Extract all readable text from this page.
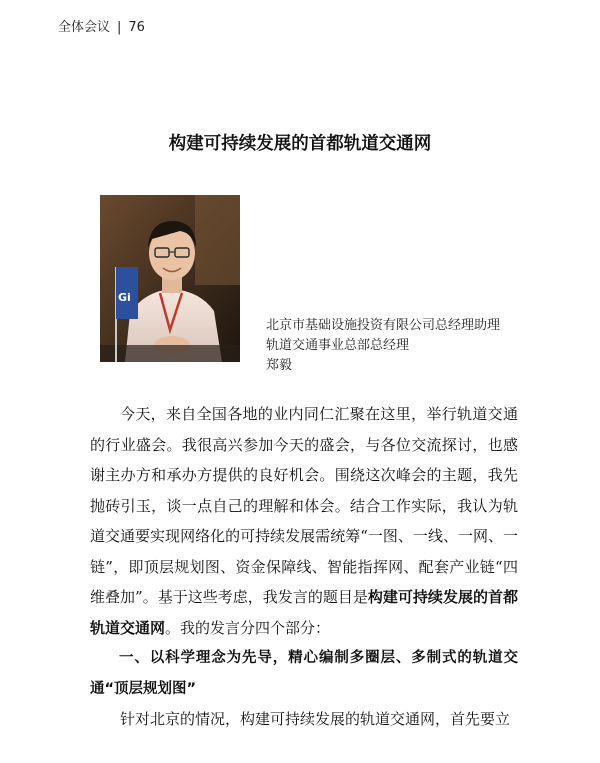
全体会议 | 76
构建可持续发展的首都轨道交通网
Gi
北京市基础设施投资有限公司总经理助理
轨道交通事业总部总经理
郑毅

今天，来自全国各地的业内同仁汇聚在这里，举行轨道交通的行业盛会。我很高兴参加今天的盛会，与各位交流探讨，也感谢主办方和承办方提供的良好机会。围绕这次峰会的主题，我先抛砖引玉，谈一点自己的理解和体会。结合工作实际，我认为轨道交通要实现网络化的可持续发展需统筹“一图、一线、一网、一链”，即顶层规划图、资金保障线、智能指挥网、配套产业链“四维叠加”。基于这些考虑，我发言的题目是构建可持续发展的首都轨道交通网。我的发言分四个部分：

一、以科学理念为先导，精心编制多圈层、多制式的轨道交通“顶层规划图”

针对北京的情况，构建可持续发展的轨道交通网，首先要立
